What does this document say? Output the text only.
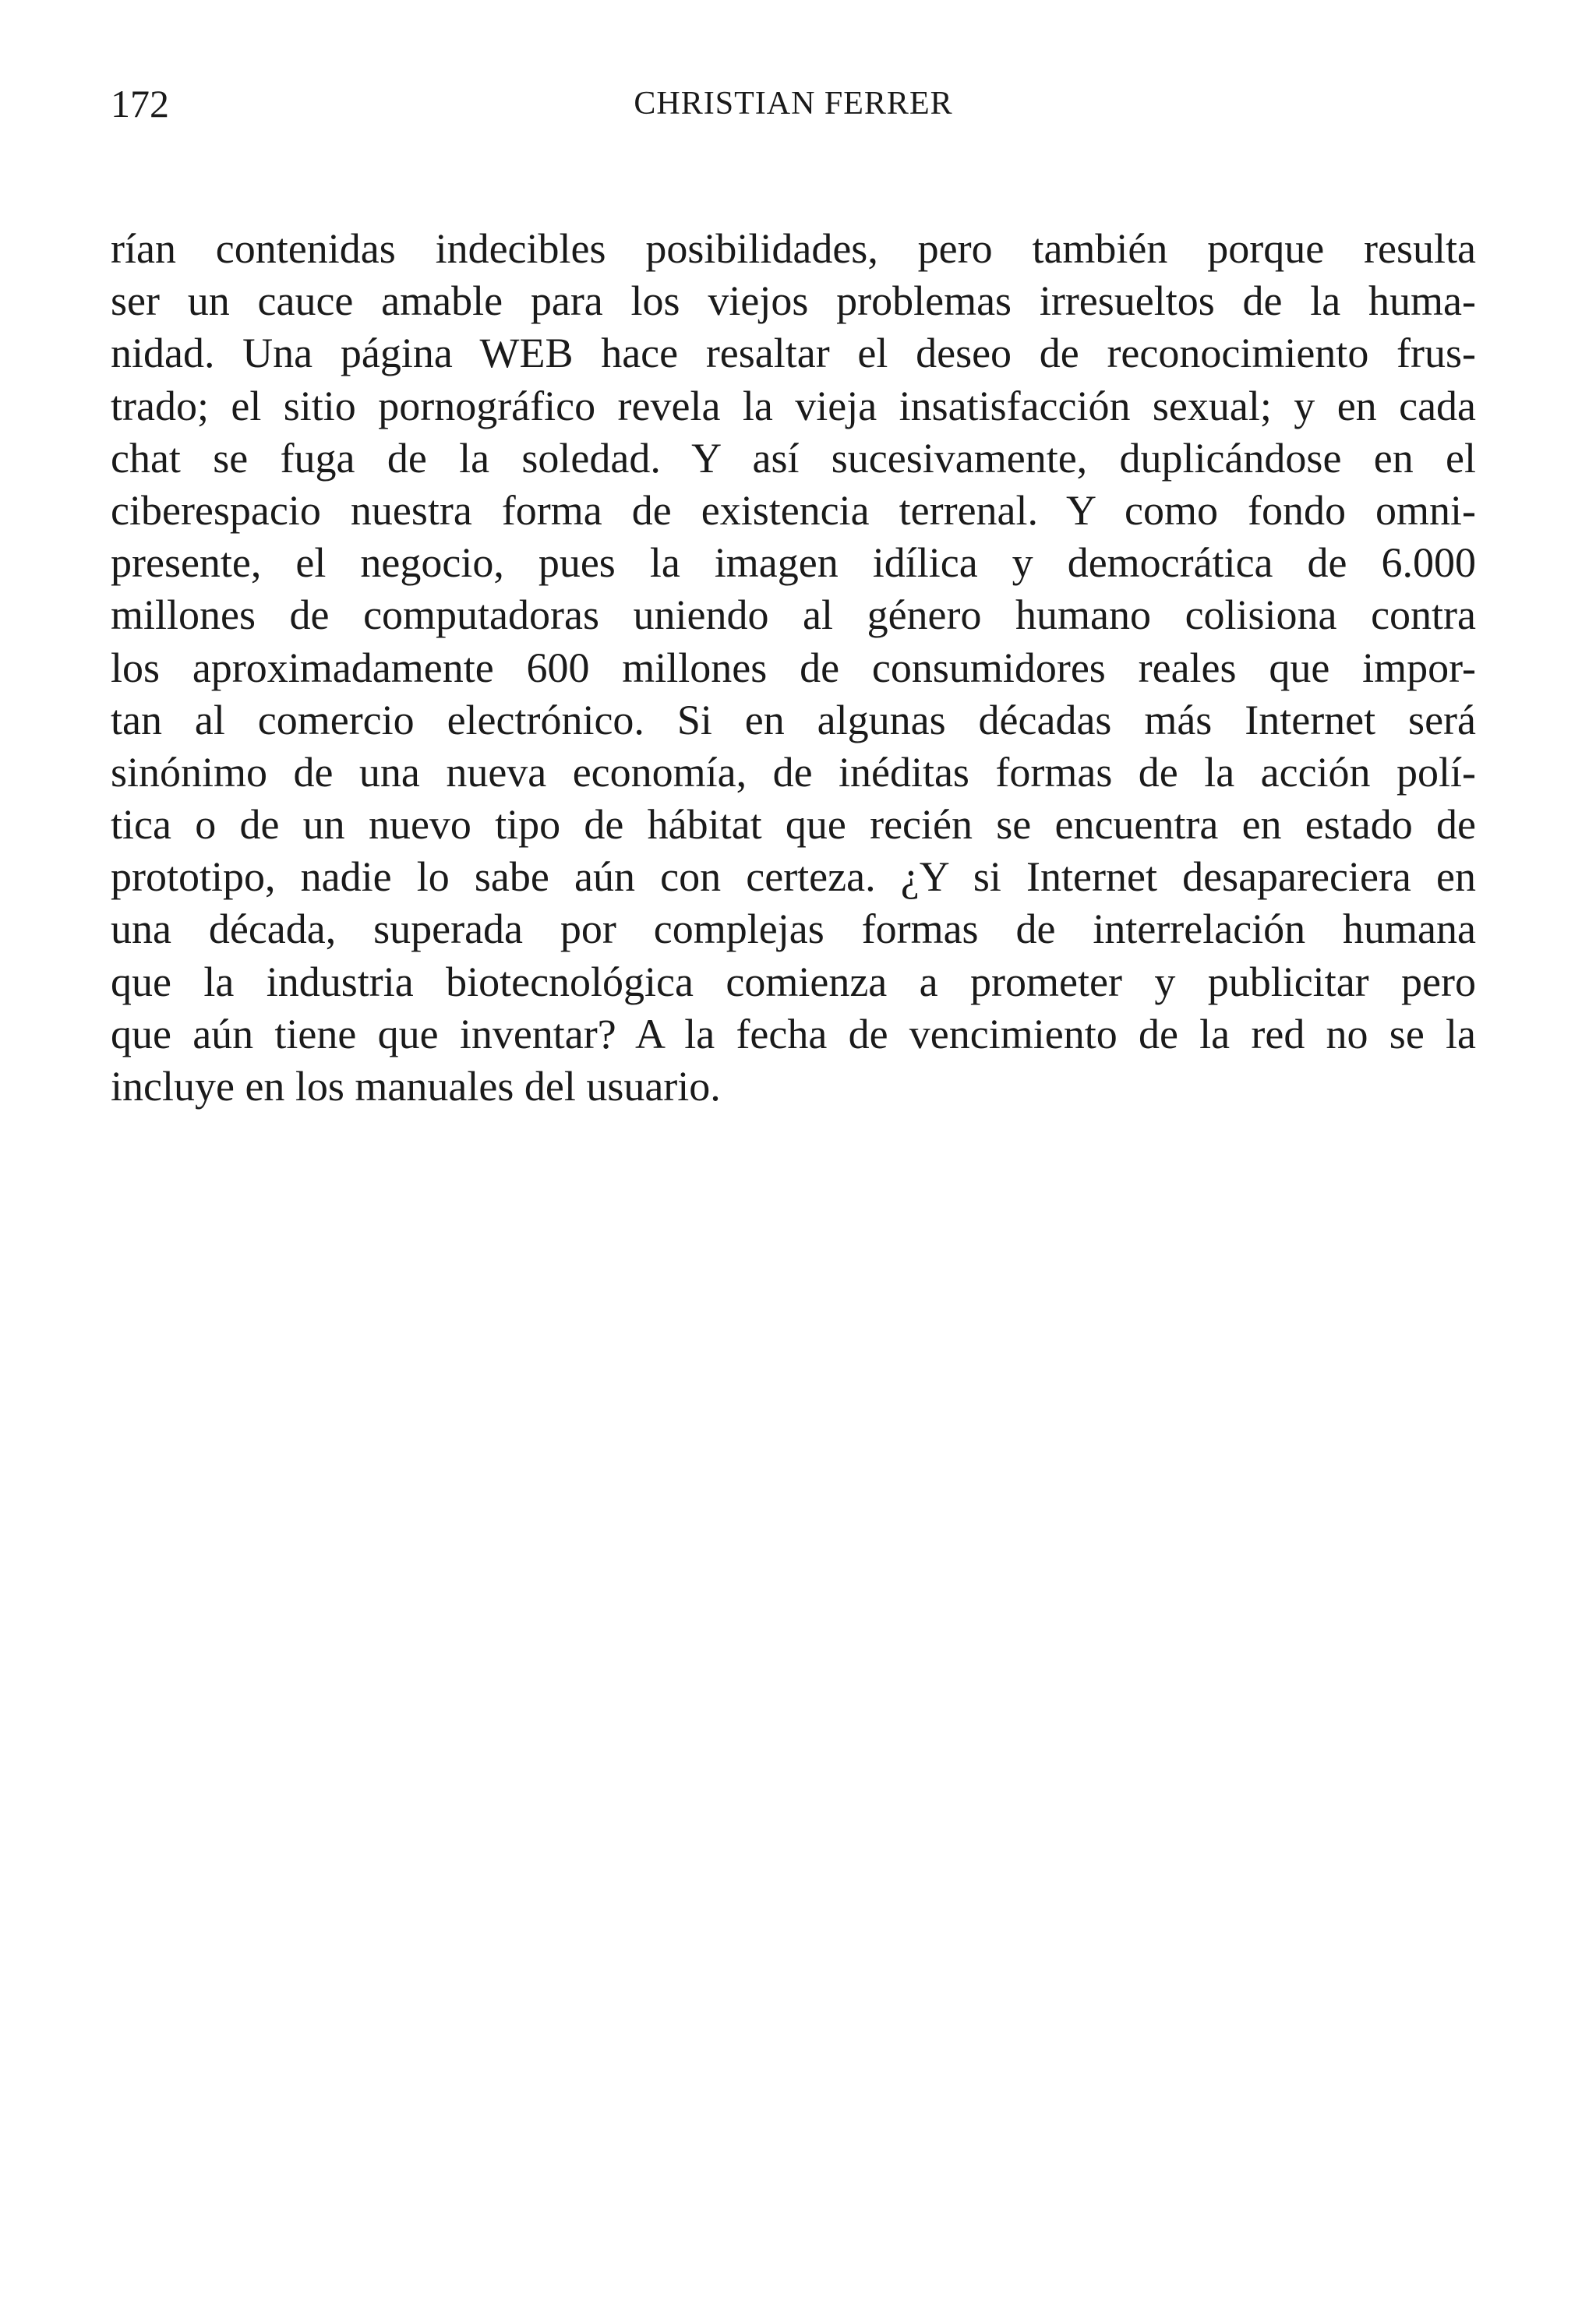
172	CHRISTIAN FERRER
rían contenidas indecibles posibilidades, pero también porque resulta
ser un cauce amable para los viejos problemas irresueltos de la huma-
nidad. Una página WEB hace resaltar el deseo de reconocimiento frus-
trado; el sitio pornográfico revela la vieja insatisfacción sexual; y en cada
chat se fuga de la soledad. Y así sucesivamente, duplicándose en el
ciberespacio nuestra forma de existencia terrenal. Y como fondo omni-
presente, el negocio, pues la imagen idílica y democrática de 6.000
millones de computadoras uniendo al género humano colisiona contra
los aproximadamente 600 millones de consumidores reales que impor-
tan al comercio electrónico. Si en algunas décadas más Internet será
sinónimo de una nueva economía, de inéditas formas de la acción polí-
tica o de un nuevo tipo de hábitat que recién se encuentra en estado de
prototipo, nadie lo sabe aún con certeza. ¿Y si Internet desapareciera en
una década, superada por complejas formas de interrelación humana
que la industria biotecnológica comienza a prometer y publicitar pero
que aún tiene que inventar? A la fecha de vencimiento de la red no se la
incluye en los manuales del usuario.
